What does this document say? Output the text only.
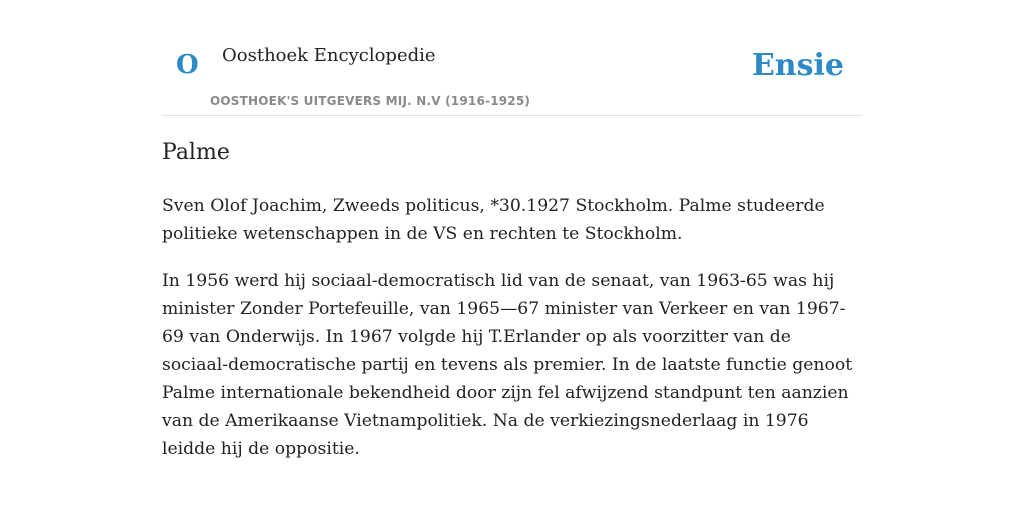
O Oosthoek Encyclopedie
OOSTHOEK'S UITGEVERS MIJ. N.V (1916-1925)
Ensie
Palme

Sven Olof Joachim, Zweeds politicus, *30.1927 Stockholm. Palme studeerde politieke wetenschappen in de VS en rechten te Stockholm.

In 1956 werd hij sociaal-democratisch lid van de senaat, van 1963-65 was hij minister Zonder Portefeuille, van 1965—67 minister van Verkeer en van 1967-69 van Onderwijs. In 1967 volgde hij T.Erlander op als voorzitter van de sociaal-democratische partij en tevens als premier. In de laatste functie genoot Palme internationale bekendheid door zijn fel afwijzend standpunt ten aanzien van de Amerikaanse Vietnampolitiek. Na de verkiezingsnederlaag in 1976 leidde hij de oppositie.
